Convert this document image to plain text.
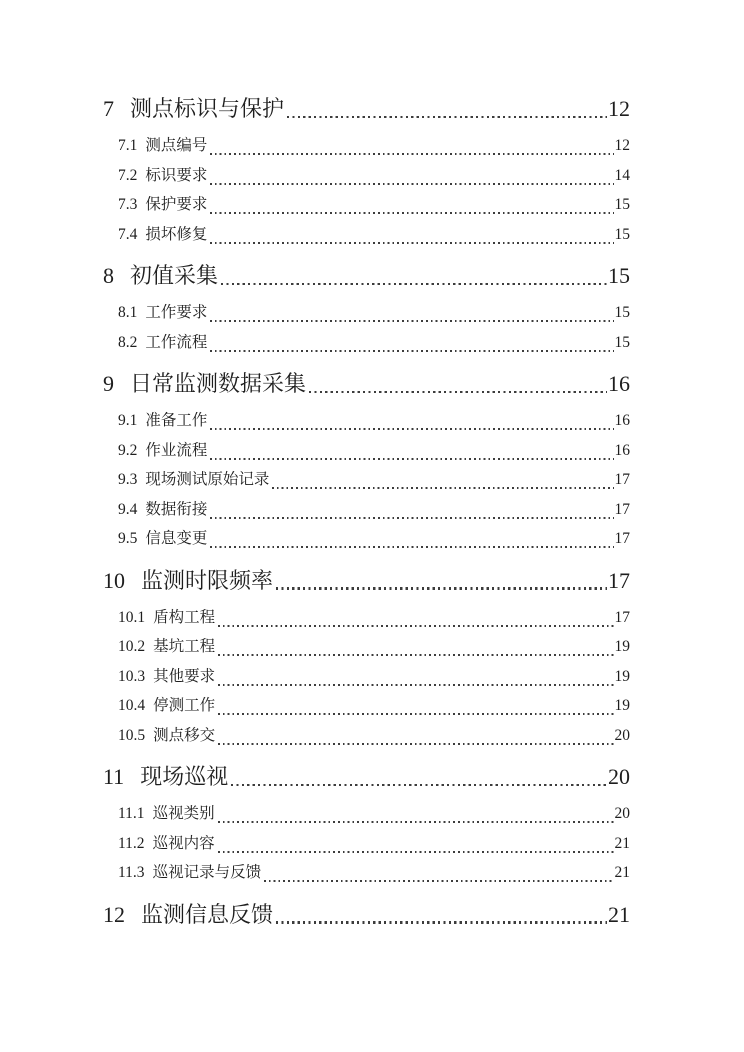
7 测点标识与保护	12
7.1 测点编号	12
7.2 标识要求	14
7.3 保护要求	15
7.4 损坏修复	15
8 初值采集	15
8.1 工作要求	15
8.2 工作流程	15
9 日常监测数据采集	16
9.1 准备工作	16
9.2 作业流程	16
9.3 现场测试原始记录	17
9.4 数据衔接	17
9.5 信息变更	17
10 监测时限频率	17
10.1 盾构工程	17
10.2 基坑工程	19
10.3 其他要求	19
10.4 停测工作	19
10.5 测点移交	20
11 现场巡视	20
11.1 巡视类别	20
11.2 巡视内容	21
11.3 巡视记录与反馈	21
12 监测信息反馈	21
